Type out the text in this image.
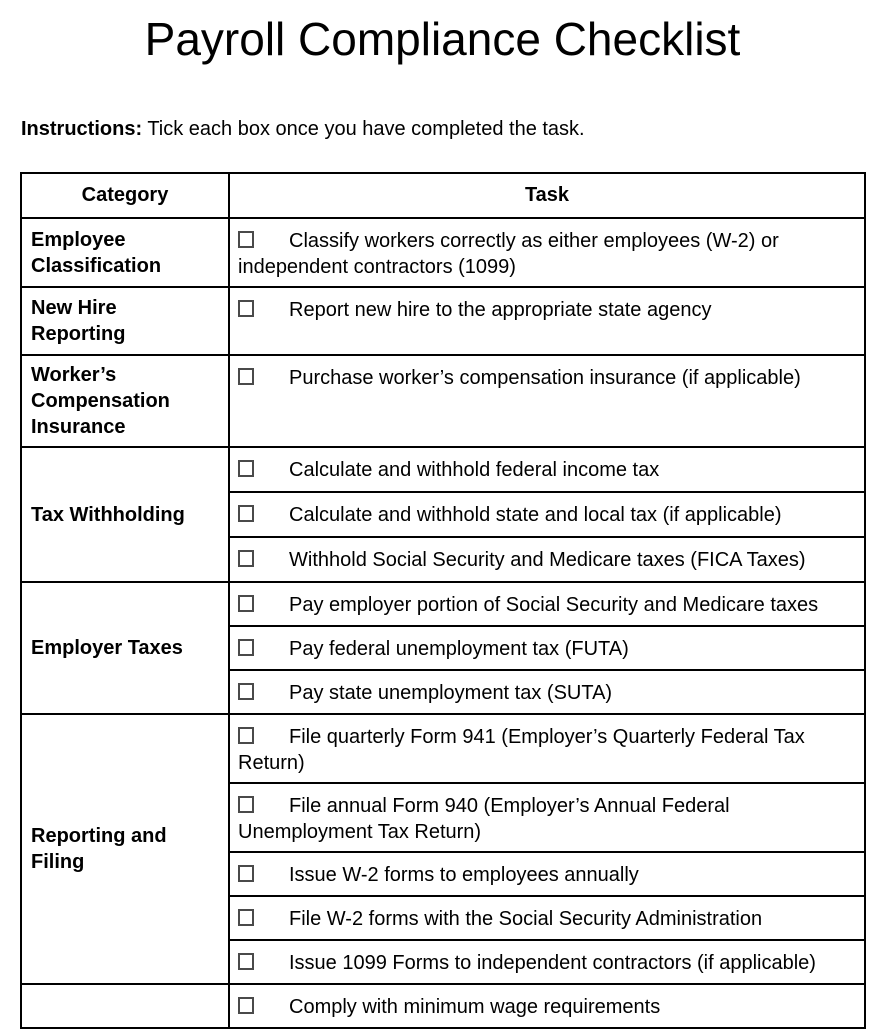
Payroll Compliance Checklist

Instructions: Tick each box once you have completed the task.

Category	Task
Employee Classification	Classify workers correctly as either employees (W-2) or independent contractors (1099)
New Hire Reporting	Report new hire to the appropriate state agency
Worker’s Compensation Insurance	Purchase worker’s compensation insurance (if applicable)
Tax Withholding	Calculate and withhold federal income tax
	Calculate and withhold state and local tax (if applicable)
	Withhold Social Security and Medicare taxes (FICA Taxes)
Employer Taxes	Pay employer portion of Social Security and Medicare taxes
	Pay federal unemployment tax (FUTA)
	Pay state unemployment tax (SUTA)
Reporting and Filing	File quarterly Form 941 (Employer’s Quarterly Federal Tax Return)
	File annual Form 940 (Employer’s Annual Federal Unemployment Tax Return)
	Issue W-2 forms to employees annually
	File W-2 forms with the Social Security Administration
	Issue 1099 Forms to independent contractors (if applicable)
	Comply with minimum wage requirements
